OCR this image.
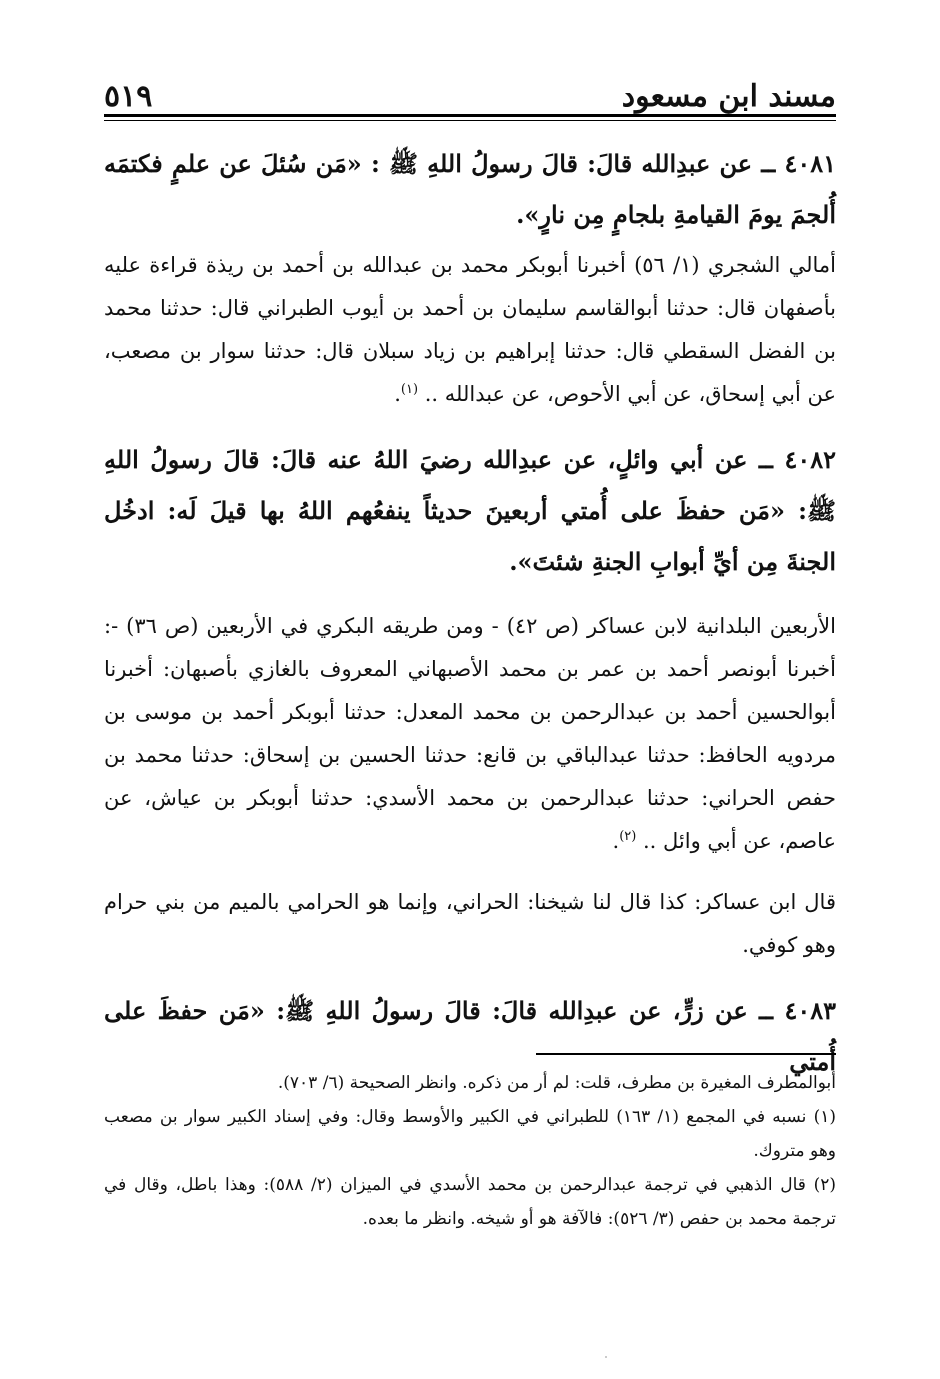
مسند ابن مسعود
٥١٩

٤٠٨١ ــ عن عبدِالله قالَ: قالَ رسولُ اللهِ ﷺ : «مَن سُئلَ عن علمٍ فكتمَه أُلجمَ يومَ القيامةِ بلجامٍ مِن نارٍ».

أمالي الشجري (١/ ٥٦) أخبرنا أبوبكر محمد بن عبدالله بن أحمد بن ريذة قراءة عليه بأصفهان قال: حدثنا أبوالقاسم سليمان بن أحمد بن أيوب الطبراني قال: حدثنا محمد بن الفضل السقطي قال: حدثنا إبراهيم بن زياد سبلان قال: حدثنا سوار بن مصعب، عن أبي إسحاق، عن أبي الأحوص، عن عبدالله .. $^{(١)}$.

٤٠٨٢ ــ عن أبي وائلٍ، عن عبدِالله رضيَ اللهُ عنه قالَ: قالَ رسولُ اللهِ ﷺ: «مَن حفظَ على أُمتي أربعينَ حديثاً ينفعُهم اللهُ بها قيلَ لَه: ادخُل الجنةَ مِن أيِّ أبوابِ الجنةِ شئتَ».

الأربعين البلدانية لابن عساكر (ص ٤٢) - ومن طريقه البكري في الأربعين (ص ٣٦) -: أخبرنا أبونصر أحمد بن عمر بن محمد الأصبهاني المعروف بالغازي بأصبهان: أخبرنا أبوالحسين أحمد بن عبدالرحمن بن محمد المعدل: حدثنا أبوبكر أحمد بن موسى بن مردويه الحافظ: حدثنا عبدالباقي بن قانع: حدثنا الحسين بن إسحاق: حدثنا محمد بن حفص الحراني: حدثنا عبدالرحمن بن محمد الأسدي: حدثنا أبوبكر بن عياش، عن عاصم، عن أبي وائل .. $^{(٢)}$.

قال ابن عساكر: كذا قال لنا شيخنا: الحراني، وإنما هو الحرامي بالميم من بني حرام وهو كوفي.

٤٠٨٣ ــ عن زرٍّ، عن عبدِالله قالَ: قالَ رسولُ اللهِ ﷺ: «مَن حفظَ على أُمتي

أبوالمطرف المغيرة بن مطرف، قلت: لم أر من ذكره. وانظر الصحيحة (٦/ ٧٠٣).

(١) نسبه في المجمع (١/ ١٦٣) للطبراني في الكبير والأوسط وقال: وفي إسناد الكبير سوار بن مصعب وهو متروك.

(٢) قال الذهبي في ترجمة عبدالرحمن بن محمد الأسدي في الميزان (٢/ ٥٨٨): وهذا باطل، وقال في ترجمة محمد بن حفص (٣/ ٥٢٦): فالآفة هو أو شيخه. وانظر ما بعده.
